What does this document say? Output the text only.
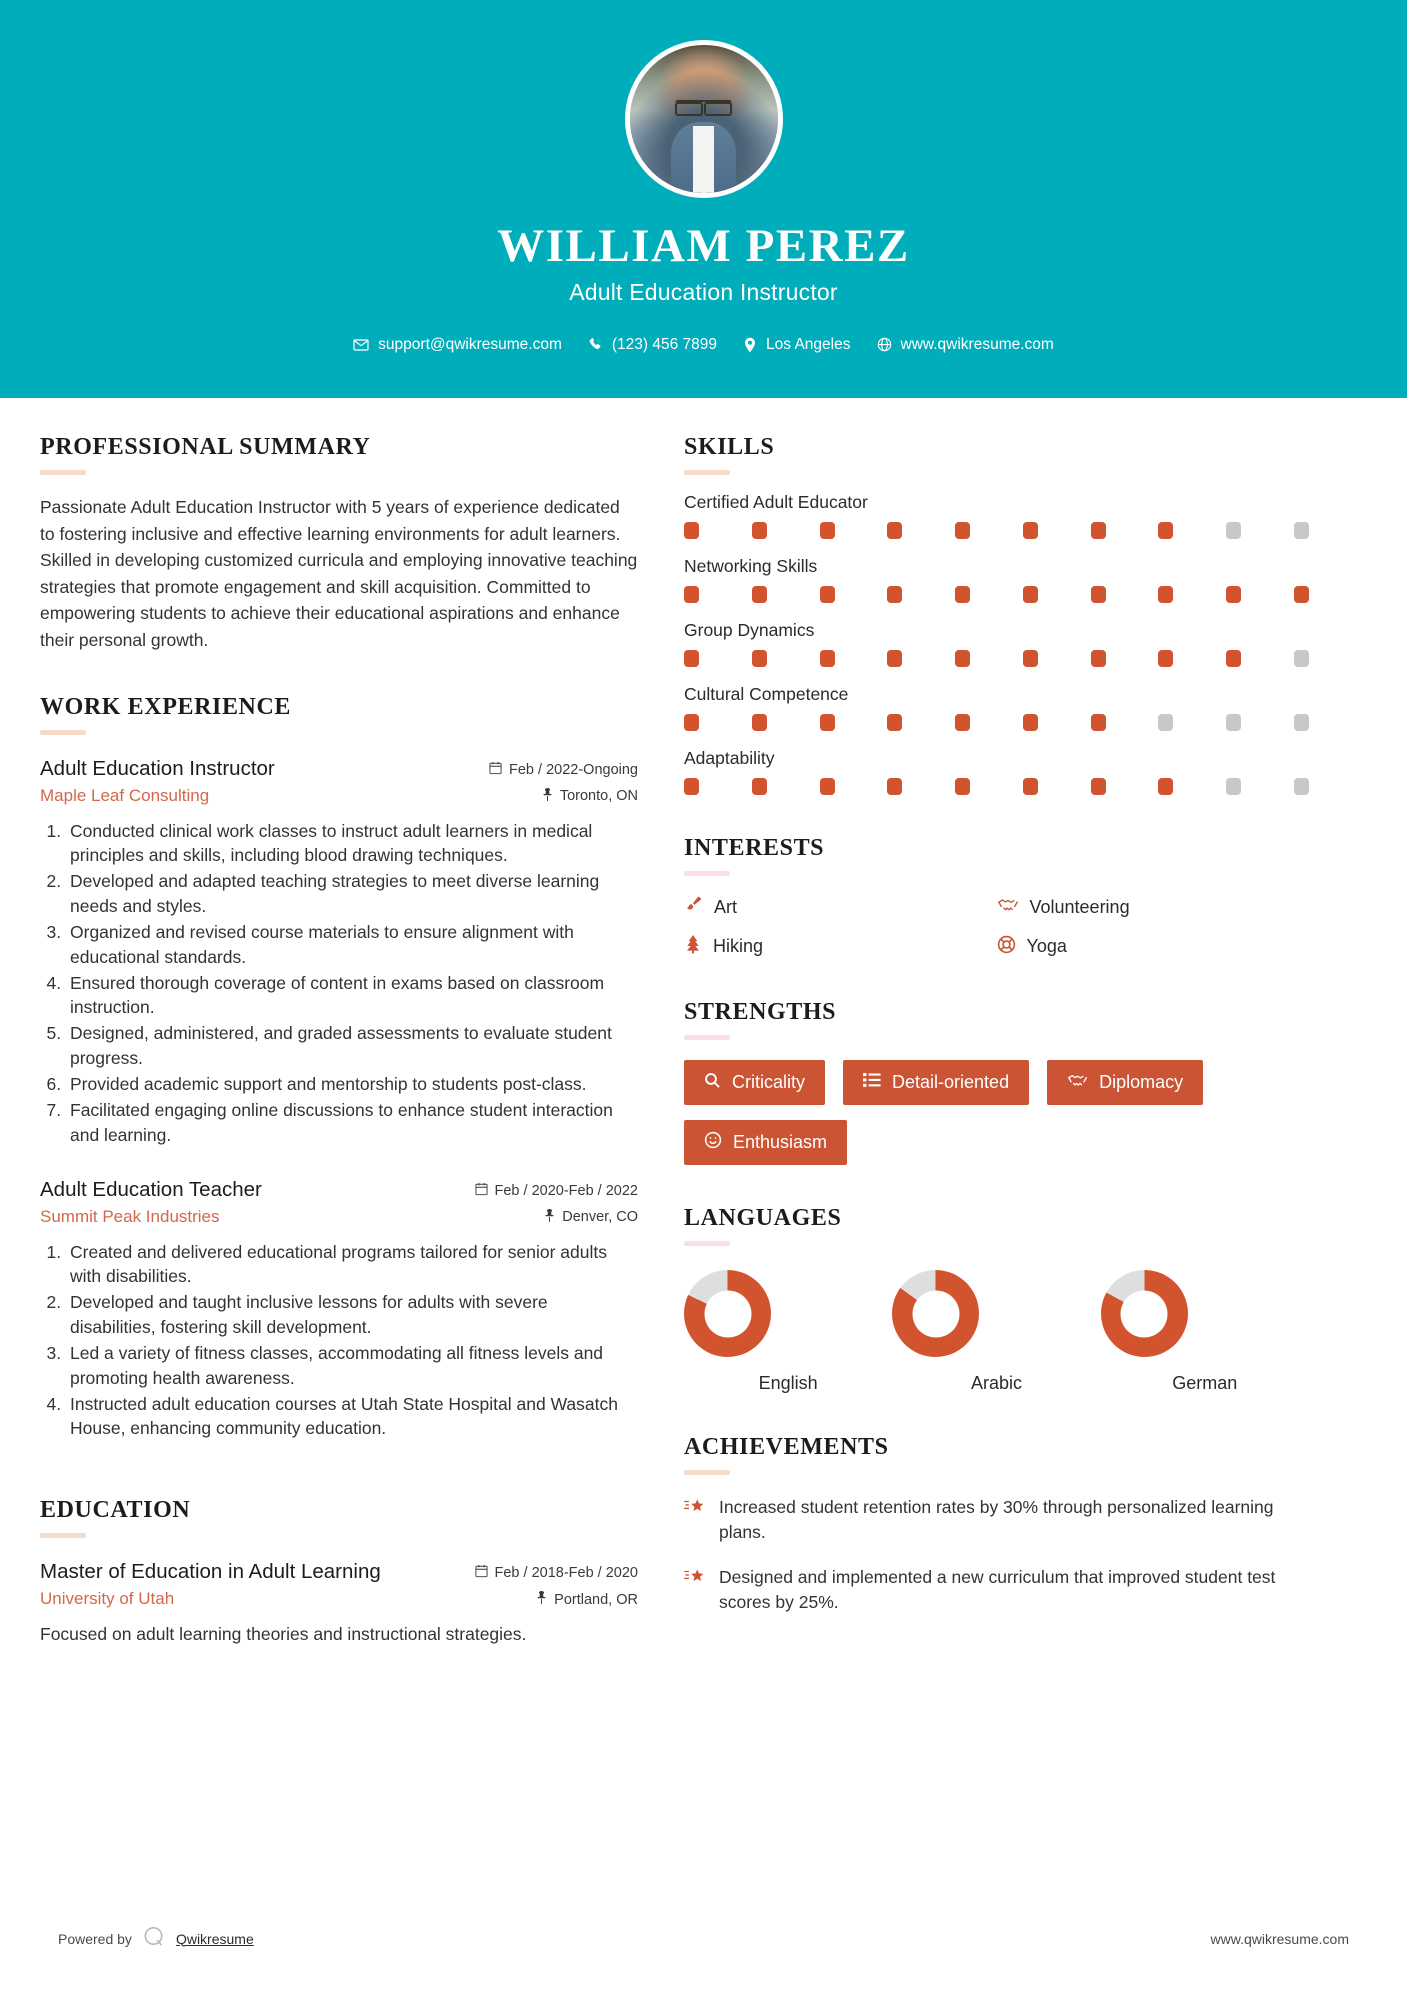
WILLIAM PEREZ
Adult Education Instructor
support@qwikresume.com	(123) 456 7899	Los Angeles	www.qwikresume.com
PROFESSIONAL SUMMARY

Passionate Adult Education Instructor with 5 years of experience dedicated to fostering inclusive and effective learning environments for adult learners. Skilled in developing customized curricula and employing innovative teaching strategies that promote engagement and skill acquisition. Committed to empowering students to achieve their educational aspirations and enhance their personal growth.

WORK EXPERIENCE
Adult Education Instructor	Feb / 2022-Ongoing
Maple Leaf Consulting	Toronto, ON
1. Conducted clinical work classes to instruct adult learners in medical principles and skills, including blood drawing techniques.
2. Developed and adapted teaching strategies to meet diverse learning needs and styles.
3. Organized and revised course materials to ensure alignment with educational standards.
4. Ensured thorough coverage of content in exams based on classroom instruction.
5. Designed, administered, and graded assessments to evaluate student progress.
6. Provided academic support and mentorship to students post-class.
7. Facilitated engaging online discussions to enhance student interaction and learning.
Adult Education Teacher	Feb / 2020-Feb / 2022
Summit Peak Industries	Denver, CO
1. Created and delivered educational programs tailored for senior adults with disabilities.
2. Developed and taught inclusive lessons for adults with severe disabilities, fostering skill development.
3. Led a variety of fitness classes, accommodating all fitness levels and promoting health awareness.
4. Instructed adult education courses at Utah State Hospital and Wasatch House, enhancing community education.
EDUCATION
Master of Education in Adult Learning	Feb / 2018-Feb / 2020
University of Utah	Portland, OR

Focused on adult learning theories and instructional strategies.

SKILLS
Certified Adult Educator
Networking Skills
Group Dynamics
Cultural Competence
Adaptability
INTERESTS
Art	Volunteering
Hiking	Yoga
STRENGTHS
Criticality	Detail-oriented	Diplomacy
Enthusiasm
LANGUAGES
English	Arabic	German
ACHIEVEMENTS
Increased student retention rates by 30% through personalized learning plans.
Designed and implemented a new curriculum that improved student test scores by 25%.
Powered by	Qwikresume	www.qwikresume.com
